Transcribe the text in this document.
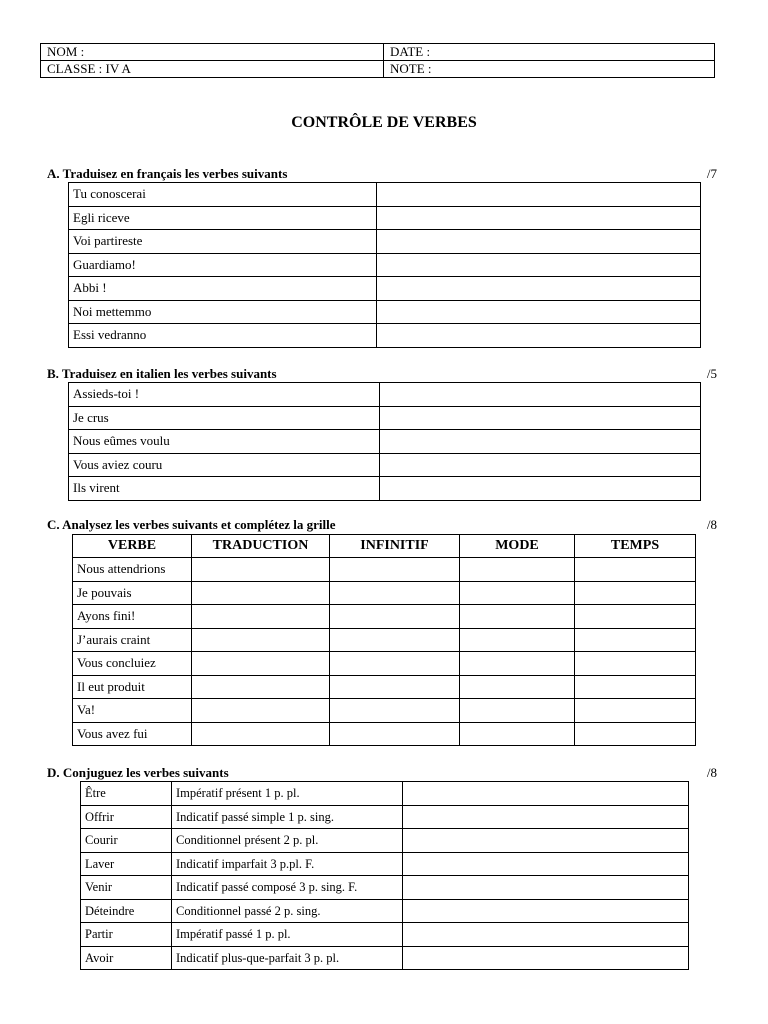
NOM :	DATE :
CLASSE : IV A	NOTE :
CONTRÔLE DE VERBES
A. Traduisez en français les verbes suivants	/7
Tu conoscerai	
Egli riceve	
Voi partireste	
Guardiamo!	
Abbi !	
Noi mettemmo	
Essi vedranno	
B. Traduisez en italien les verbes suivants	/5
Assieds-toi !	
Je crus	
Nous eûmes voulu	
Vous aviez couru	
Ils virent	
C. Analysez les verbes suivants et complétez la grille	/8
VERBE	TRADUCTION	INFINITIF	MODE	TEMPS
Nous attendrions				
Je pouvais				
Ayons fini!				
J’aurais craint				
Vous concluiez				
Il eut produit				
Va!				
Vous avez fui				
D. Conjuguez les verbes suivants	/8
Être	Impératif présent 1 p. pl.	
Offrir	Indicatif passé simple 1 p. sing.	
Courir	Conditionnel présent 2 p. pl.	
Laver	Indicatif imparfait 3 p.pl. F.	
Venir	Indicatif passé composé 3 p. sing. F.	
Déteindre	Conditionnel passé 2 p. sing.	
Partir	Impératif passé 1 p. pl.	
Avoir	Indicatif plus-que-parfait 3 p. pl.	
